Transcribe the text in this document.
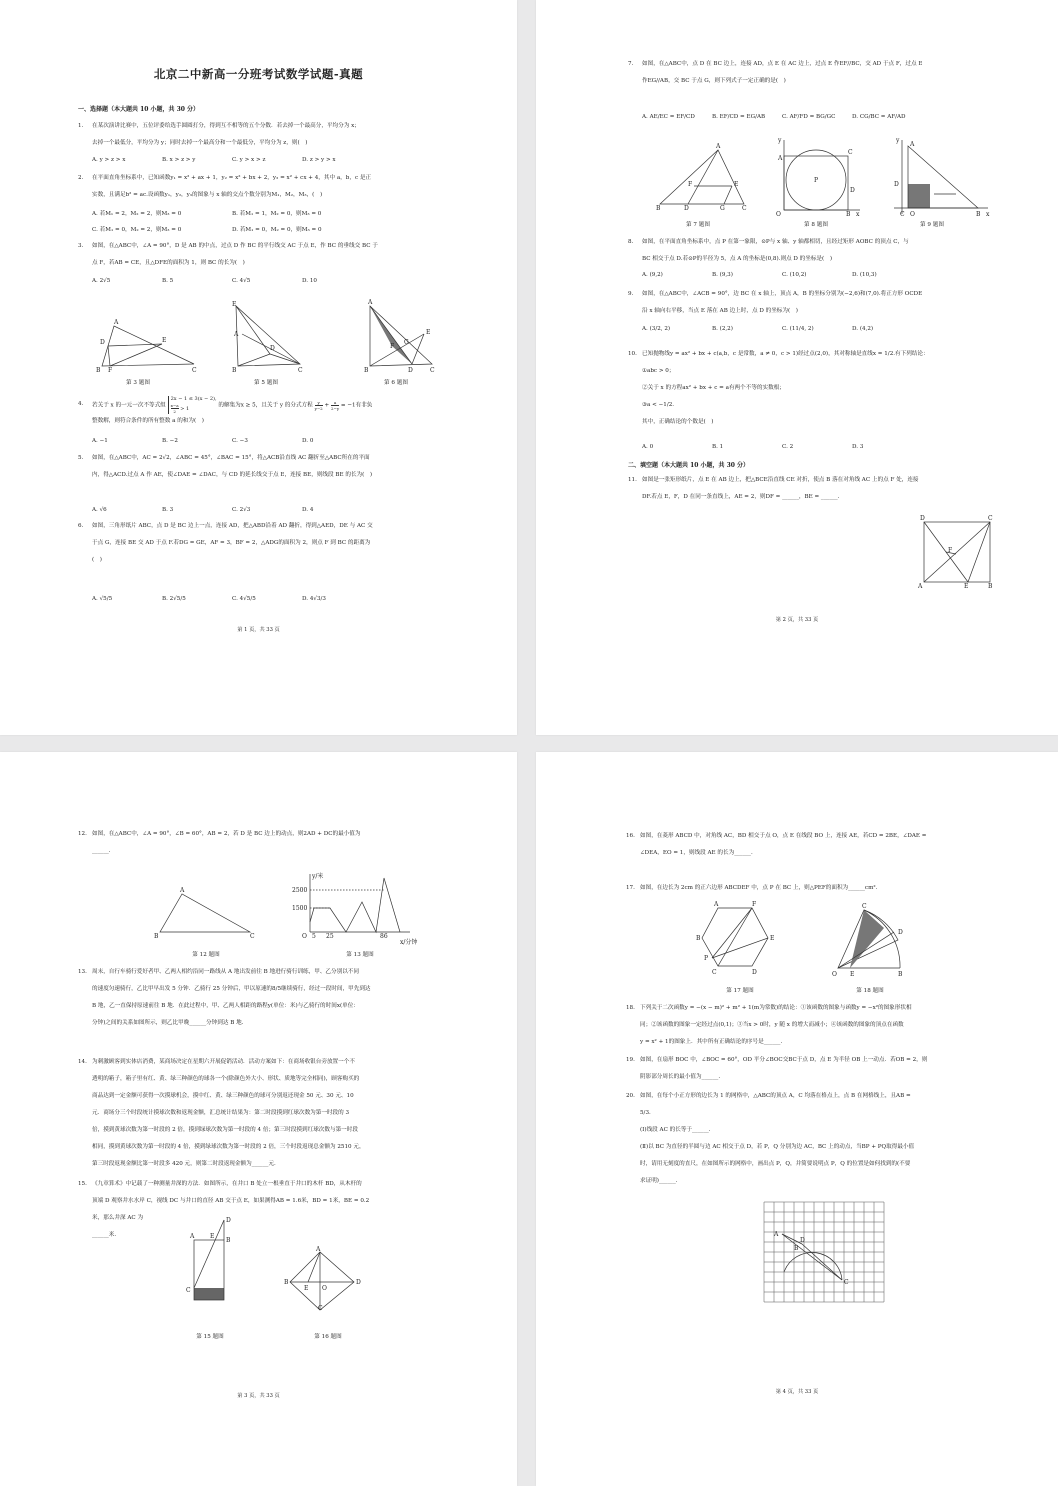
北京二中新高一分班考试数学试题-真题
一、选择题（本大题共 10 小题，共 30 分）
1. 在某次演讲比赛中，五位评委给选手圆圆打分，得到互不相等的五个分数．若去掉一个最高分，平均分为 x；
去掉一个最低分，平均分为 y；同时去掉一个最高分和一个最低分，平均分为 z，则(　)
A. y > z > x	B. x > z > y	C. y > x > z	D. z > y > x
2. 在平面直角坐标系中，已知函数y₁ = x² + ax + 1，y₂ = x² + bx + 2，y₃ = x² + cx + 4，其中 a，b，c 是正
实数，且满足b² = ac.设函数y₁，y₂，y₃的图象与 x 轴的交点个数分别为M₁，M₂，M₃，(　)
A. 若M₁ = 2，M₂ = 2，则M₃ = 0	B. 若M₁ = 1，M₂ = 0，则M₃ = 0
C. 若M₁ = 0，M₂ = 2，则M₃ = 0	D. 若M₁ = 0，M₂ = 0，则M₃ = 0
3. 如图，在△ABC中，∠A = 90°，D 是 AB 的中点，过点 D 作 BC 的平行线交 AC 于点 E，作 BC 的垂线交 BC 于
点 F，若AB = CE，且△DFE的面积为 1，则 BC 的长为(　)
A. 2√5	B. 5	C. 4√5	D. 10
A
D	E
B F	C
E
A
D
B	C
A
E
F
G
B	D	C
第 3 题图	第 5 题图	第 6 题图
4. 若关于 x 的一元一次不等式组
2x − 1 ≤ 3(x − 2),
$\frac{x-a}{2} > 1$
的解集为x ≥ 5，且关于 y 的分式方程
y
y−2 +
a
2−y = −1有非负
整数解，则符合条件的所有整数 a 的和为(　)
A. −1	B. −2	C. −3	D. 0
5. 如图，在△ABC中，AC = 2√2，∠ABC = 45°，∠BAC = 15°，将△ACB沿直线 AC 翻折至△ABC所在的平面
内，得△ACD.过点 A 作 AE，使∠DAE = ∠DAC，与 CD 的延长线交于点 E，连接 BE，则线段 BE 的长为(　)
A. √6	B. 3	C. 2√3	D. 4
6. 如图，三角形纸片 ABC，点 D 是 BC 边上一点，连接 AD，把△ABD沿着 AD 翻折，得到△AED，DE 与 AC 交
于点 G，连接 BE 交 AD 于点 F.若DG = GE，AF = 3，BF = 2，△ADG的面积为 2，则点 F 到 BC 的距离为
(　)
A. √5/5	B. 2√5/5	C. 4√5/5	D. 4√3/3
第 1 页，共 33 页
7. 如图，在△ABC中，点 D 在 BC 边上，连接 AD，点 E 在 AC 边上，过点 E 作EF//BC，交 AD 于点 F，过点 E
作EG//AB，交 BC 于点 G，则下列式子一定正确的是(　)
A. AE/EC = EF/CD	B. EF/CD = EG/AB	C. AF/FD = BG/GC	D. CG/BC = AF/AD
A
F	E
B	D	G	C
A
C
D
O	B
P
y
x
A
D
y
C O	B x
第 7 题图	第 8 题图	第 9 题图
8. 如图，在平面直角坐标系中，点 P 在第一象限，⊙P与 x 轴、y 轴都相切，且经过矩形 AOBC 的顶点 C，与
BC 相交于点 D.若⊙P的半径为 5，点 A 的坐标是(0,8).则点 D 的坐标是(　)
A. (9,2)	B. (9,3)	C. (10,2)	D. (10,3)
9. 如图，在△ABC中，∠ACB = 90°，边 BC 在 x 轴上，顶点 A，B 的坐标分别为(−2,6)和(7,0).将正方形 OCDE
沿 x 轴向右平移，当点 E 落在 AB 边上时，点 D 的坐标为(　)
A. (3/2, 2)	B. (2,2)	C. (11/4, 2)	D. (4,2)
10. 已知抛物线y = ax² + bx + c(a,b，c 是常数，a ≠ 0，c > 1)经过点(2,0)，其对称轴是直线x = 1/2.有下列结论：
①abc > 0；
②关于 x 的方程ax² + bx + c = a有两个不等的实数根；
③a < −1/2.
其中，正确结论的个数是(　)
A. 0	B. 1	C. 2	D. 3
二、填空题（本大题共 10 小题，共 30 分）
11. 如图是一张矩形纸片，点 E 在 AB 边上，把△BCE沿直线 CE 对折，使点 B 落在对角线 AC 上的点 F 处，连接
DF.若点 E，F，D 在同一条直线上，AE = 2，则DF = ______，BE = ______.
D	C
F
A	E	B
第 2 页，共 33 页
12. 如图，在△ABC中，∠A = 90°，∠B = 60°，AB = 2，若 D 是 BC 边上的动点，则2AD + DC的最小值为
______.
A
B	C
y/米
2500
1500
O 5 25	86
x/分钟
第 12 题图	第 13 题图
13. 周末，自行车骑行爱好者甲、乙两人相约沿同一路线从 A 地出发前往 B 地进行骑行训练，甲、乙分别以不同
的速度匀速骑行，乙比甲早出发 5 分钟．乙骑行 25 分钟后，甲以原速的8/5继续骑行，经过一段时间，甲先到达
B 地，乙一直保持原速前往 B 地．在此过程中，甲、乙两人相距的路程y(单位：米)与乙骑行的时间x(单位：
分钟)之间的关系如图所示，则乙比甲晚______分钟到达 B 地.
14. 为刺激顾客到实体店消费，某商场决定在星期六开展促销活动．活动方案如下：在商场收银台旁放置一个不
透明的箱子，箱子里有红、黄、绿三种颜色的球各一个(除颜色外大小、形状、质地等完全相同)，顾客购买的
商品达到一定金额可获得一次摸球机会，摸中红、黄、绿三种颜色的球可分别返还现金 50 元、30 元、10
元．商场分三个时段统计摸球次数和返现金额，汇总统计结果为：第二时段摸到红球次数为第一时段的 3
倍，摸到黄球次数为第一时段的 2 倍，摸到绿球次数为第一时段的 4 倍；第三时段摸到红球次数与第一时段
相同，摸到黄球次数为第一时段的 4 倍，摸到绿球次数为第一时段的 2 倍，三个时段返现总金额为 2510 元，
第三时段返现金额比第一时段多 420 元，则第二时段返现金额为______元.
15. 《九章算术》中记载了一种测量井深的方法．如图所示，在井口 B 处立一根垂直于井口的木杆 BD，从木杆的
顶端 D 观察井水水岸 C，视线 DC 与井口的直径 AB 交于点 E，如果测得AB = 1.6米，BD = 1米，BE = 0.2
米，那么井深 AC 为
______米.
D
A	E
B
C
A
B
E O
D
C
第 15 题图	第 16 题图
第 3 页，共 33 页
16. 如图，在菱形 ABCD 中，对角线 AC，BD 相交于点 O，点 E 在线段 BO 上，连接 AE，若CD = 2BE，∠DAE =
∠DEA，EO = 1，则线段 AE 的长为______.
17. 如图，在边长为 2cm 的正六边形 ABCDEF 中，点 P 在 BC 上，则△PEF的面积为______cm².
A	F
E
B
P
C	D
C
D
O E	B
第 17 题图	第 18 题图
18. 下列关于二次函数y = −(x − m)² + m² + 1(m为常数)的结论：①该函数的图象与函数y = −x²的图象形状相
同；②该函数的图象一定经过点(0,1)；③当x > 0时，y 随 x 的增大而减小；④该函数的图象的顶点在函数
y = x² + 1的图象上．其中所有正确结论的序号是______.
19. 如图，在扇形 BOC 中，∠BOC = 60°，OD 平分∠BOC交BC于点 D，点 E 为半径 OB 上一动点．若OB = 2，则
阴影部分周长的最小值为______.
20. 如图，在每个小正方形的边长为 1 的网格中，△ABC的顶点 A，C 均落在格点上，点 B 在网格线上，且AB =
5/3.
(Ⅰ)线段 AC 的长等于______.
(Ⅱ)以 BC 为直径的半圆与边 AC 相交于点 D，若 P，Q 分别为边 AC，BC 上的动点，当BP + PQ取得最小值
时，请用无刻度的直尺，在如图所示的网格中，画出点 P，Q，并简要说明点 P，Q 的位置是如何找到的(不要
求证明)______.
A
D
B
C
第 4 页，共 33 页
